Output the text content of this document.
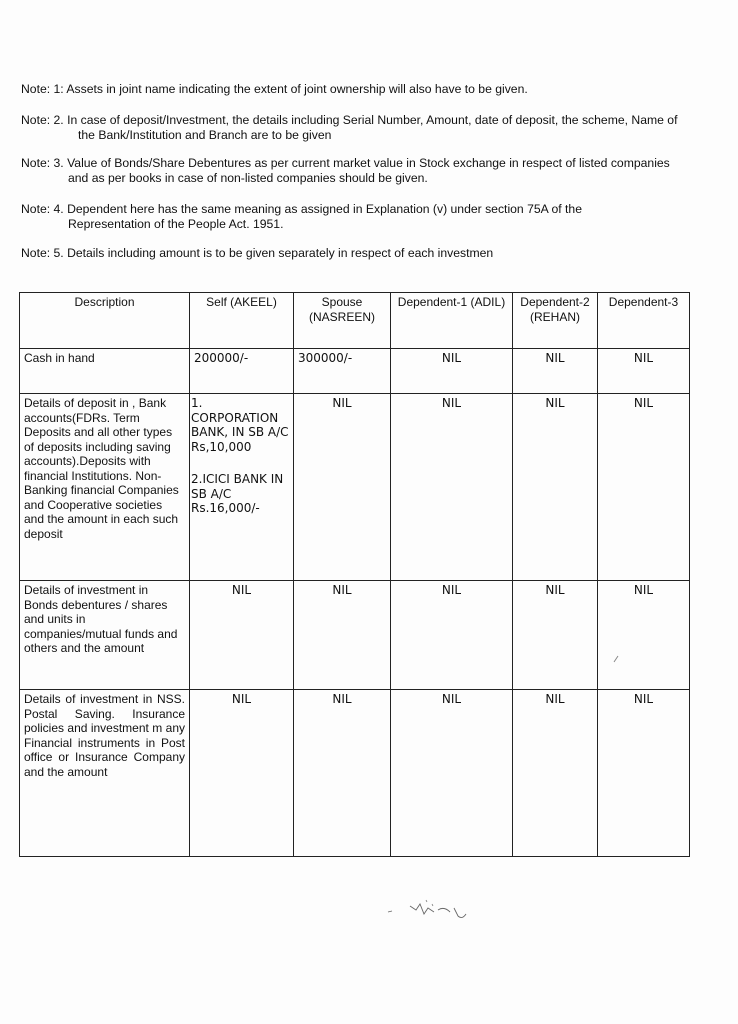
Note: 1: Assets in joint name indicating the extent of joint ownership will also have to be given.
Note: 2. In case of deposit/Investment, the details including Serial Number, Amount, date of deposit, the scheme, Name of
the Bank/Institution and Branch are to be given
Note: 3. Value of Bonds/Share Debentures as per current market value in Stock exchange in respect of listed companies
and as per books in case of non-listed companies should be given.
Note: 4. Dependent here has the same meaning as assigned in Explanation (v) under section 75A of the
Representation of the People Act. 1951.
Note: 5. Details including amount is to be given separately in respect of each investmen
Description	Self (AKEEL)	Spouse (NASREEN)	Dependent-1 (ADIL)	Dependent-2 (REHAN)	Dependent-3
Cash in hand	200000/-	300000/-	NIL	NIL	NIL
Details of deposit in , Bank accounts(FDRs. Term Deposits and all other types of deposits including saving accounts).Deposits with financial Institutions. Non-Banking financial Companies and Cooperative societies and the amount in each such deposit	1. CORPORATION BANK, IN SB A/C Rs,10,000
2.ICICI BANK IN SB A/C Rs.16,000/-	NIL	NIL	NIL	NIL
Details of investment in Bonds debentures / shares and units in companies/mutual funds and others and the amount	NIL	NIL	NIL	NIL	NIL
Details of investment in NSS. Postal Saving. Insurance policies and investment m any Financial instruments in Post office or Insurance Company and the amount	NIL	NIL	NIL	NIL	NIL
